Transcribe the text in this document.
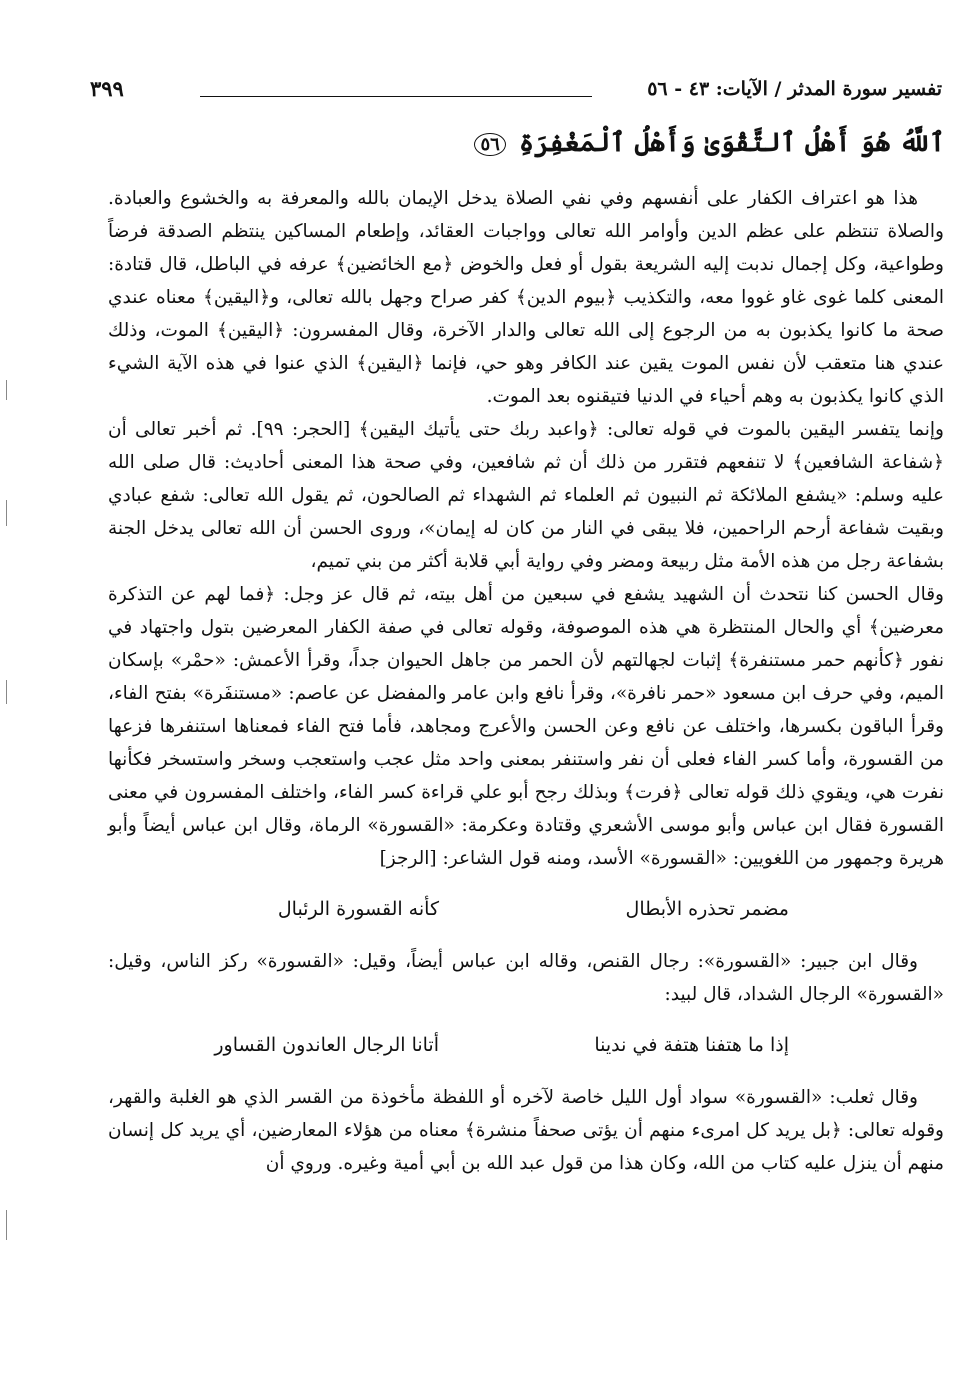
تفسير سورة المدثر / الآيات: ٤٣ - ٥٦
٣٩٩
ٱللَّهُ هُوَ أَهْلُ ٱلتَّقْوَىٰ وَأَهْلُ ٱلْمَغْفِرَةِ ٥٦

هذا هو اعتراف الكفار على أنفسهم وفي نفي الصلاة يدخل الإيمان بالله والمعرفة به والخشوع والعبادة. والصلاة تنتظم على عظم الدين وأوامر الله تعالى وواجبات العقائد، وإطعام المساكين ينتظم الصدقة فرضاً وطواعية، وكل إجمال ندبت إليه الشريعة بقول أو فعل والخوض ﴿مع الخائضين﴾ عرفه في الباطل، قال قتادة: المعنى كلما غوى غاو غووا معه، والتكذيب ﴿بيوم الدين﴾ كفر صراح وجهل بالله تعالى، و﴿اليقين﴾ معناه عندي صحة ما كانوا يكذبون به من الرجوع إلى الله تعالى والدار الآخرة، وقال المفسرون: ﴿اليقين﴾ الموت، وذلك عندي هنا متعقب لأن نفس الموت يقين عند الكافر وهو حي، فإنما ﴿اليقين﴾ الذي عنوا في هذه الآية الشيء الذي كانوا يكذبون به وهم أحياء في الدنيا فتيقنوه بعد الموت.

وإنما يتفسر اليقين بالموت في قوله تعالى: ﴿واعبد ربك حتى يأتيك اليقين﴾ [الحجر: ٩٩]. ثم أخبر تعالى أن ﴿شفاعة الشافعين﴾ لا تنفعهم فتقرر من ذلك أن ثم شافعين، وفي صحة هذا المعنى أحاديث: قال صلى الله عليه وسلم: «يشفع الملائكة ثم النبيون ثم العلماء ثم الشهداء ثم الصالحون، ثم يقول الله تعالى: شفع عبادي وبقيت شفاعة أرحم الراحمين، فلا يبقى في النار من كان له إيمان»، وروى الحسن أن الله تعالى يدخل الجنة بشفاعة رجل من هذه الأمة مثل ربيعة ومضر وفي رواية أبي قلابة أكثر من بني تميم،

وقال الحسن كنا نتحدث أن الشهيد يشفع في سبعين من أهل بيته، ثم قال عز وجل: ﴿فما لهم عن التذكرة معرضين﴾ أي والحال المنتظرة هي هذه الموصوفة، وقوله تعالى في صفة الكفار المعرضين بتول واجتهاد في نفور ﴿كأنهم حمر مستنفرة﴾ إثبات لجهالتهم لأن الحمر من جاهل الحيوان جداً، وقرأ الأعمش: «حمْر» بإسكان الميم، وفي حرف ابن مسعود «حمر نافرة»، وقرأ نافع وابن عامر والمفضل عن عاصم: «مستنفَرة» بفتح الفاء، وقرأ الباقون بكسرها، واختلف عن نافع وعن الحسن والأعرج ومجاهد، فأما فتح الفاء فمعناها استنفرها فزعها من القسورة، وأما كسر الفاء فعلى أن نفر واستنفر بمعنى واحد مثل عجب واستعجب وسخر واستسخر فكأنها نفرت هي، ويقوي ذلك قوله تعالى ﴿فرت﴾ وبذلك رجح أبو علي قراءة كسر الفاء، واختلف المفسرون في معنى القسورة فقال ابن عباس وأبو موسى الأشعري وقتادة وعكرمة: «القسورة» الرماة، وقال ابن عباس أيضاً وأبو هريرة وجمهور من اللغويين: «القسورة» الأسد، ومنه قول الشاعر: [الرجز]

مضمر تحذره الأبطال
كأنه القسورة الرئبال

وقال ابن جبير: «القسورة»: رجال القنص، وقاله ابن عباس أيضاً، وقيل: «القسورة» ركز الناس، وقيل: «القسورة» الرجال الشداد، قال لبيد:

إذا ما هتفنا هتفة في ندينا
أتانا الرجال العاندون القساور

وقال ثعلب: «القسورة» سواد أول الليل خاصة لآخره أو اللفظة مأخوذة من القسر الذي هو الغلبة والقهر، وقوله تعالى: ﴿بل يريد كل امرىء منهم أن يؤتى صحفاً منشرة﴾ معناه من هؤلاء المعارضين، أي يريد كل إنسان منهم أن ينزل عليه كتاب من الله، وكان هذا من قول عبد الله بن أبي أمية وغيره. وروي أن
